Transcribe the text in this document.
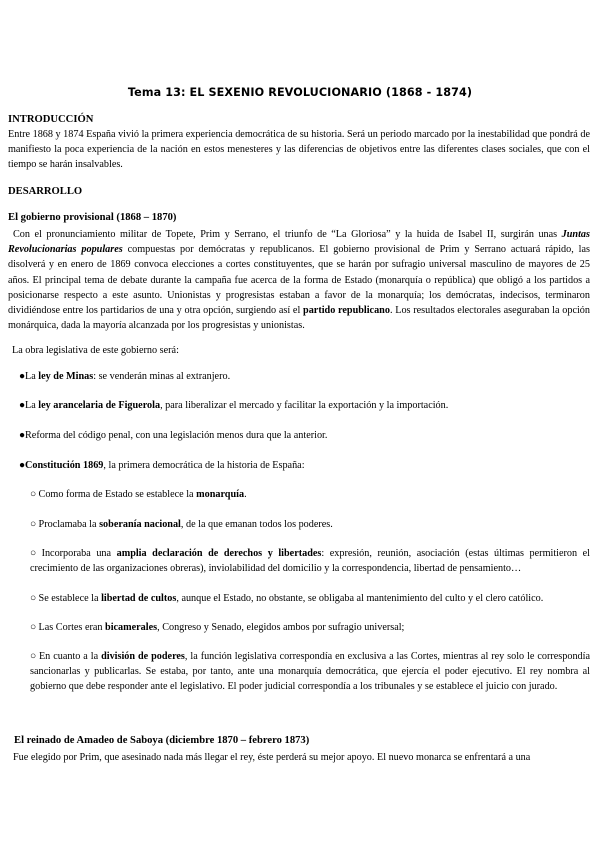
Tema 13: EL SEXENIO REVOLUCIONARIO (1868 - 1874)
INTRODUCCIÓN
Entre 1868 y 1874 España vivió la primera experiencia democrática de su historia. Será un periodo marcado por la inestabilidad que pondrá de manifiesto la poca experiencia de la nación en estos menesteres y las diferencias de objetivos entre las diferentes clases sociales, que con el tiempo se harán insalvables.
DESARROLLO
El gobierno provisional (1868 – 1870)
Con el pronunciamiento militar de Topete, Prim y Serrano, el triunfo de “La Gloriosa” y la huida de Isabel II, surgirán unas Juntas Revolucionarias populares compuestas por demócratas y republicanos. El gobierno provisional de Prim y Serrano actuará rápido, las disolverá y en enero de 1869 convoca elecciones a cortes constituyentes, que se harán por sufragio universal masculino de mayores de 25 años. El principal tema de debate durante la campaña fue acerca de la forma de Estado (monarquía o república) que obligó a los partidos a posicionarse respecto a este asunto. Unionistas y progresistas estaban a favor de la monarquía; los demócratas, indecisos, terminaron dividiéndose entre los partidarios de una y otra opción, surgiendo así el partido republicano. Los resultados electorales aseguraban la opción monárquica, dada la mayoría alcanzada por los progresistas y unionistas.
La obra legislativa de este gobierno será:
●La ley de Minas: se venderán minas al extranjero.
●La ley arancelaria de Figuerola, para liberalizar el mercado y facilitar la exportación y la importación.
●Reforma del código penal, con una legislación menos dura que la anterior.
●Constitución 1869, la primera democrática de la historia de España:
○ Como forma de Estado se establece la monarquía.
○ Proclamaba la soberanía nacional, de la que emanan todos los poderes.
○ Incorporaba una amplia declaración de derechos y libertades: expresión, reunión, asociación (estas últimas permitieron el crecimiento de las organizaciones obreras), inviolabilidad del domicilio y la correspondencia, libertad de pensamiento…
○ Se establece la libertad de cultos, aunque el Estado, no obstante, se obligaba al mantenimiento del culto y el clero católico.
○ Las Cortes eran bicamerales, Congreso y Senado, elegidos ambos por sufragio universal;
○ En cuanto a la división de poderes, la función legislativa correspondía en exclusiva a las Cortes, mientras al rey solo le correspondía sancionarlas y publicarlas. Se estaba, por tanto, ante una monarquía democrática, que ejercía el poder ejecutivo. El rey nombra al gobierno que debe responder ante el legislativo. El poder judicial correspondía a los tribunales y se establece el juicio con jurado.
El reinado de Amadeo de Saboya (diciembre 1870 – febrero 1873)
Fue elegido por Prim, que asesinado nada más llegar el rey, éste perderá su mejor apoyo. El nuevo monarca se enfrentará a una
